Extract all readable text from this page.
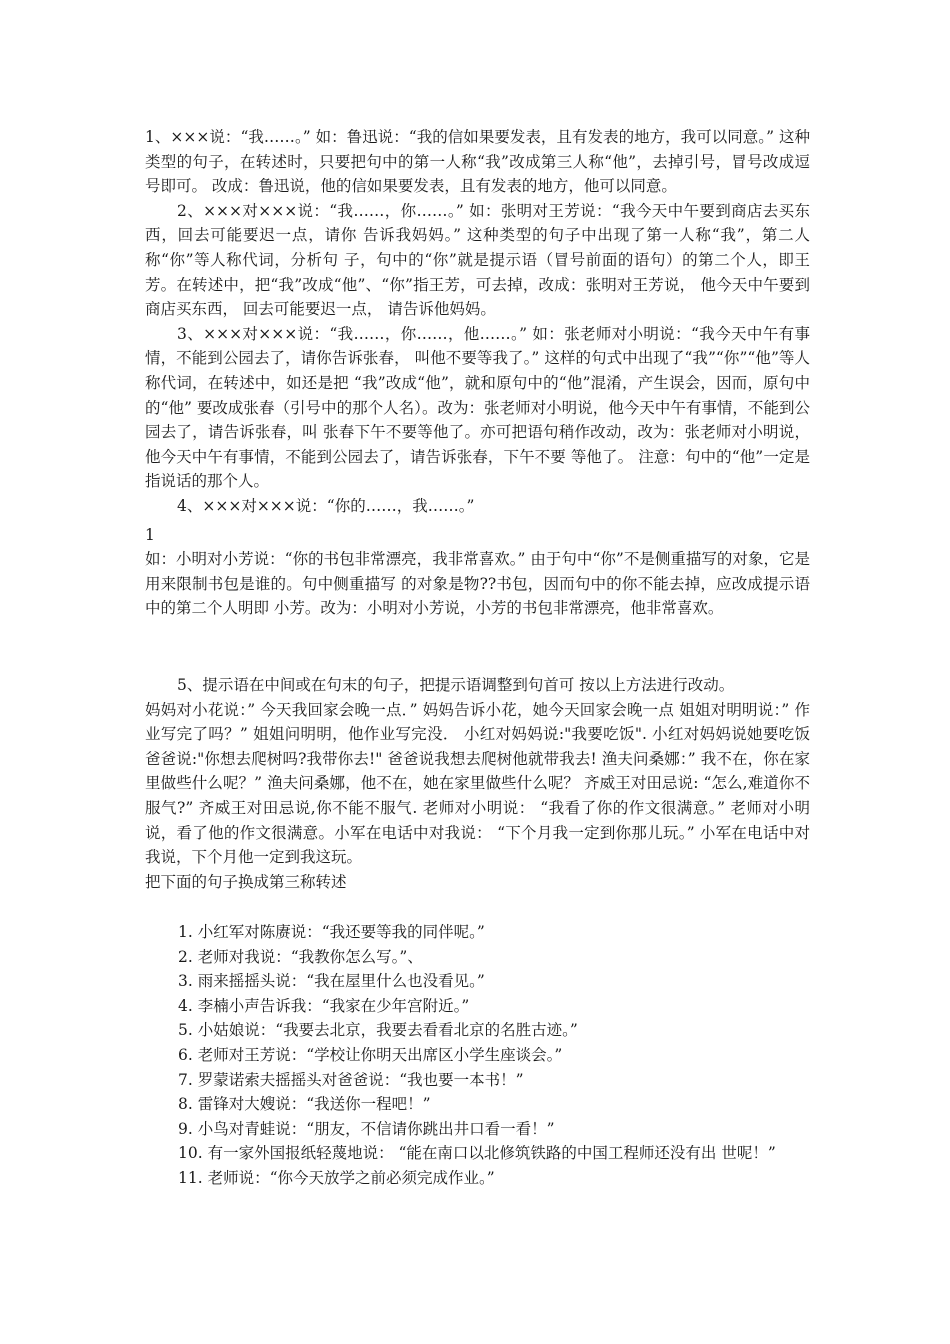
1、×××说：“我……。” 如：鲁迅说：“我的信如果要发表，且有发表的地方，我可以同意。” 这种类型的句子，在转述时，只要把句中的第一人称“我”改成第三人称“他”，去掉引号，冒号改成逗号即可。 改成：鲁迅说，他的信如果要发表，且有发表的地方，他可以同意。

2、×××对×××说：“我……，你……。” 如：张明对王芳说：“我今天中午要到商店去买东西，回去可能要迟一点，请你 告诉我妈妈。” 这种类型的句子中出现了第一人称“我”，第二人称“你”等人称代词，分析句 子，句中的“你”就是提示语（冒号前面的语句）的第二个人，即王芳。在转述中，把“我”改成“他”、“你”指王芳，可去掉，改成：张明对王芳说， 他今天中午要到商店买东西， 回去可能要迟一点， 请告诉他妈妈。

3、×××对×××说：“我……，你……，他……。” 如：张老师对小明说：“我今天中午有事情，不能到公园去了，请你告诉张春， 叫他不要等我了。” 这样的句式中出现了“我”“你”“他”等人称代词，在转述中，如还是把 “我”改成“他”，就和原句中的“他”混淆，产生误会，因而，原句中的“他” 要改成张春（引号中的那个人名）。改为：张老师对小明说，他今天中午有事情，不能到公园去了，请告诉张春，叫 张春下午不要等他了。亦可把语句稍作改动，改为：张老师对小明说，他今天中午有事情，不能到公园去了，请告诉张春，下午不要 等他了。 注意：句中的“他”一定是指说话的那个人。

4、×××对×××说：“你的……，我……。”

1

如：小明对小芳说：“你的书包非常漂亮，我非常喜欢。” 由于句中“你”不是侧重描写的对象，它是用来限制书包是谁的。句中侧重描写 的对象是物??书包，因而句中的你不能去掉，应改成提示语中的第二个人明即 小芳。改为：小明对小芳说，小芳的书包非常漂亮，他非常喜欢。

5、提示语在中间或在句末的句子，把提示语调整到句首可 按以上方法进行改动。

妈妈对小花说：” 今天我回家会晚一点．” 妈妈告诉小花，她今天回家会晚一点 姐姐对明明说：” 作业写完了吗？” 姐姐问明明，他作业写完没． 小红对妈妈说:"我要吃饭". 小红对妈妈说她要吃饭 爸爸说:"你想去爬树吗?我带你去!" 爸爸说我想去爬树他就带我去! 渔夫问桑娜：” 我不在，你在家里做些什么呢？” 渔夫问桑娜，他不在，她在家里做些什么呢？ 齐威王对田忌说: “怎么,难道你不服气?” 齐威王对田忌说,你不能不服气. 老师对小明说： “我看了你的作文很满意。” 老师对小明说，看了他的作文很满意。小军在电话中对我说： “下个月我一定到你那儿玩。” 小军在电话中对我说，下个月他一定到我这玩。

把下面的句子换成第三称转述

1. 小红军对陈赓说：“我还要等我的同伴呢。”

2. 老师对我说：“我教你怎么写。”、

3. 雨来摇摇头说：“我在屋里什么也没看见。”

4. 李楠小声告诉我：“我家在少年宫附近。”

5. 小姑娘说：“我要去北京，我要去看看北京的名胜古迹。”

6. 老师对王芳说：“学校让你明天出席区小学生座谈会。”

7. 罗蒙诺索夫摇摇头对爸爸说：“我也要一本书！”

8. 雷锋对大嫂说：“我送你一程吧！”

9. 小鸟对青蛙说：“朋友，不信请你跳出井口看一看！”

10. 有一家外国报纸轻蔑地说： “能在南口以北修筑铁路的中国工程师还没有出 世呢！”

11. 老师说：“你今天放学之前必须完成作业。”
